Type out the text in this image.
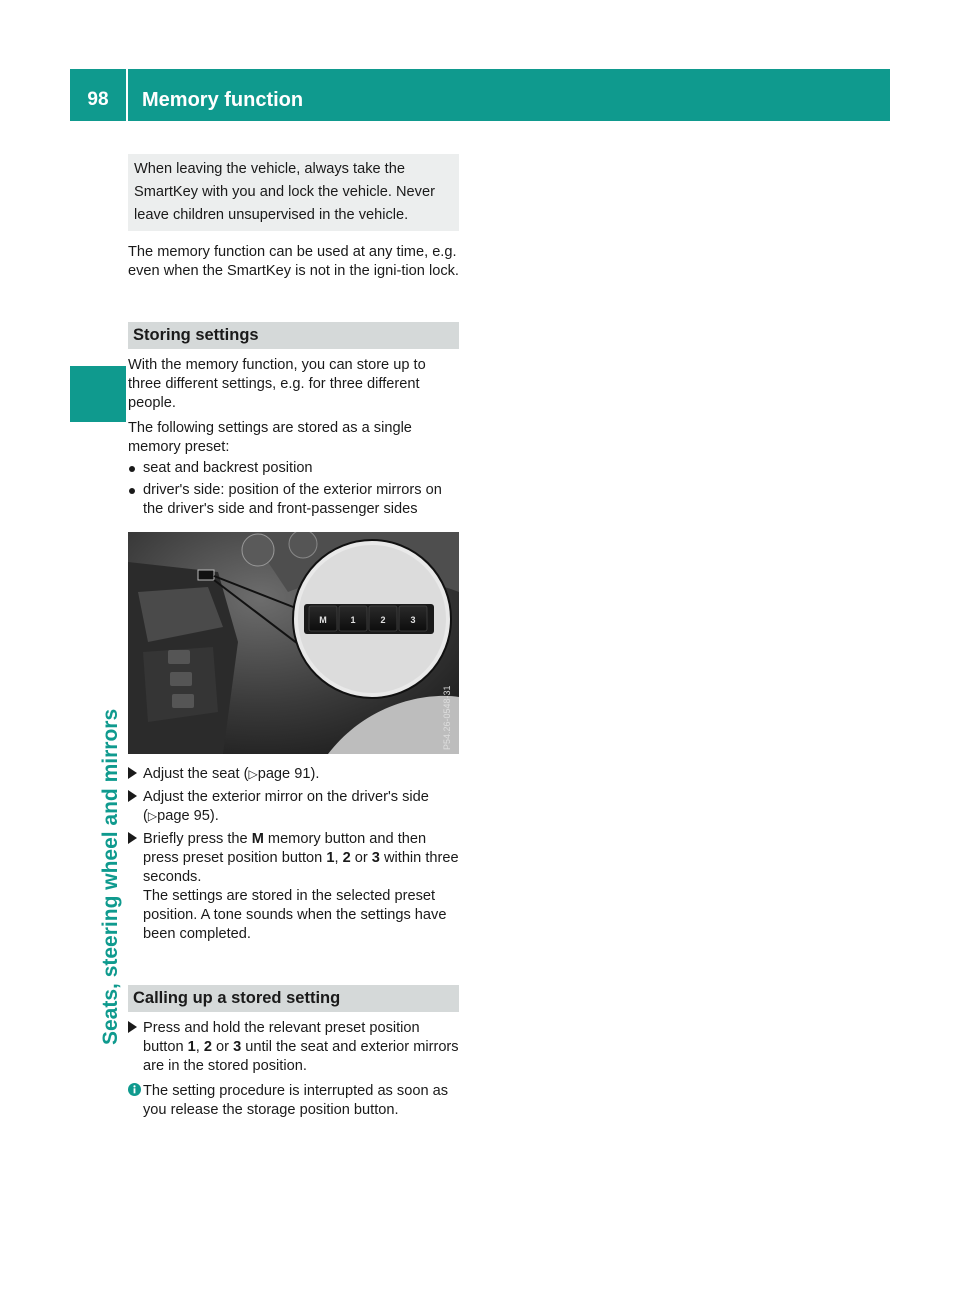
98	Memory function
Seats, steering wheel and mirrors
When leaving the vehicle, always take the SmartKey with you and lock the vehicle. Never leave children unsupervised in the vehicle.

The memory function can be used at any time, e.g. even when the SmartKey is not in the igni-tion lock.

Storing settings

With the memory function, you can store up to three different settings, e.g. for three different people.

The following settings are stored as a single memory preset:

seat and backrest position
driver's side: position of the exterior mirrors on the driver's side and front-passenger sides
M	1	2	3
P54.26-0548-31
Adjust the seat (▷page 91).
Adjust the exterior mirror on the driver's side (▷page 95).
Briefly press the M memory button and then press preset position button 1, 2 or 3 within three seconds.
The settings are stored in the selected preset position. A tone sounds when the settings have been completed.
Calling up a stored setting
Press and hold the relevant preset position button 1, 2 or 3 until the seat and exterior mirrors are in the stored position.
The setting procedure is interrupted as soon as you release the storage position button.
